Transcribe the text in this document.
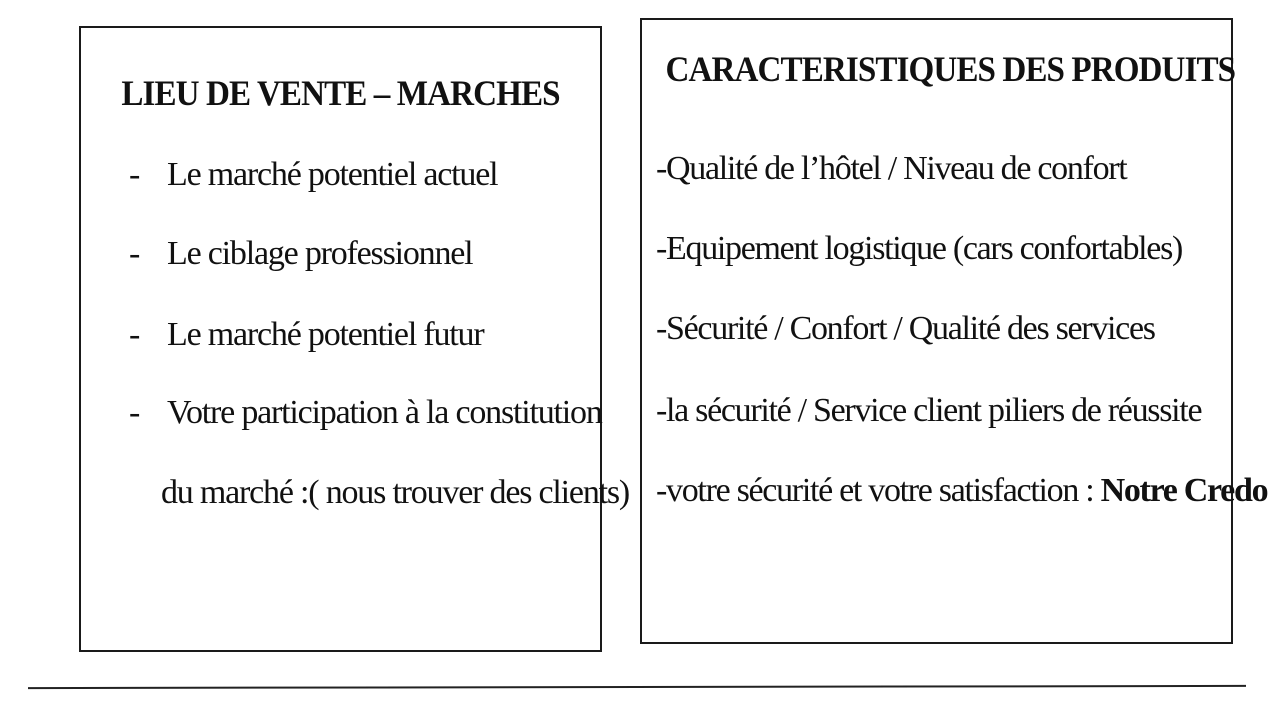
LIEU DE VENTE – MARCHES
- Le marché potentiel actuel
- Le ciblage professionnel
- Le marché potentiel futur
- Votre participation à la constitution
du marché :( nous trouver des clients)
CARACTERISTIQUES DES PRODUITS
-Qualité de l’hôtel / Niveau de confort
-Equipement logistique (cars confortables)
-Sécurité / Confort / Qualité des services
-la sécurité / Service client piliers de réussite
-votre sécurité et votre satisfaction : Notre Credo
